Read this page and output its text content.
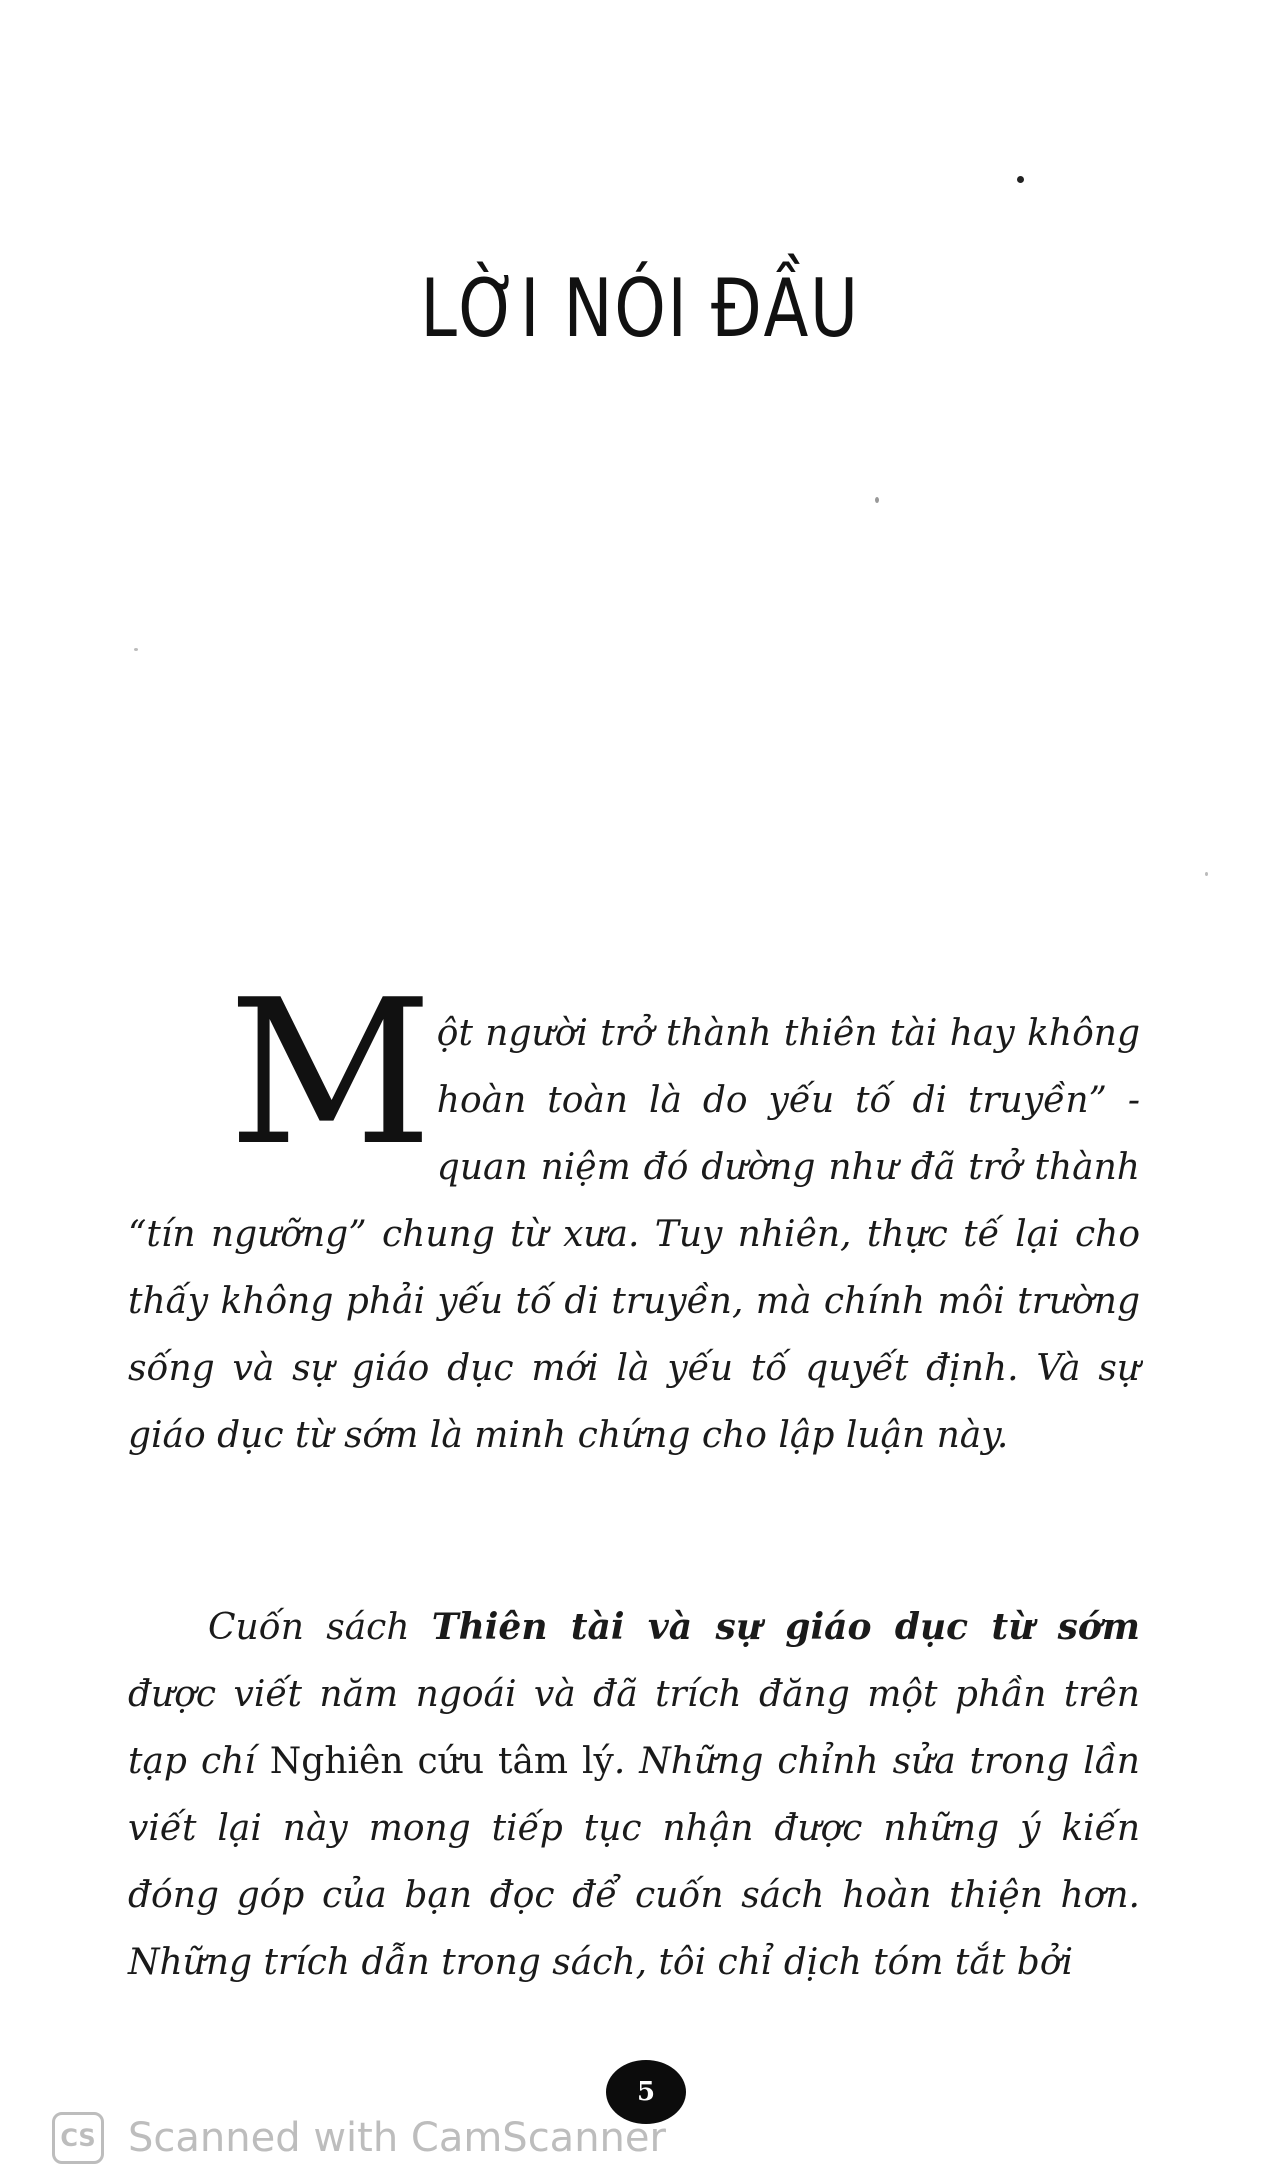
LỜI NÓI ĐẦU

Một người trở thành thiên tài hay không hoàn toàn là do yếu tố di truyền” - quan niệm đó dường như đã trở thành “tín ngưỡng” chung từ xưa. Tuy nhiên, thực tế lại cho thấy không phải yếu tố di truyền, mà chính môi trường sống và sự giáo dục mới là yếu tố quyết định. Và sự giáo dục từ sớm là minh chứng cho lập luận này.

Cuốn sách Thiên tài và sự giáo dục từ sớm được viết năm ngoái và đã trích đăng một phần trên tạp chí Nghiên cứu tâm lý. Những chỉnh sửa trong lần viết lại này mong tiếp tục nhận được những ý kiến đóng góp của bạn đọc để cuốn sách hoàn thiện hơn. Những trích dẫn trong sách, tôi chỉ dịch tóm tắt bởi

5
CS Scanned with CamScanner
